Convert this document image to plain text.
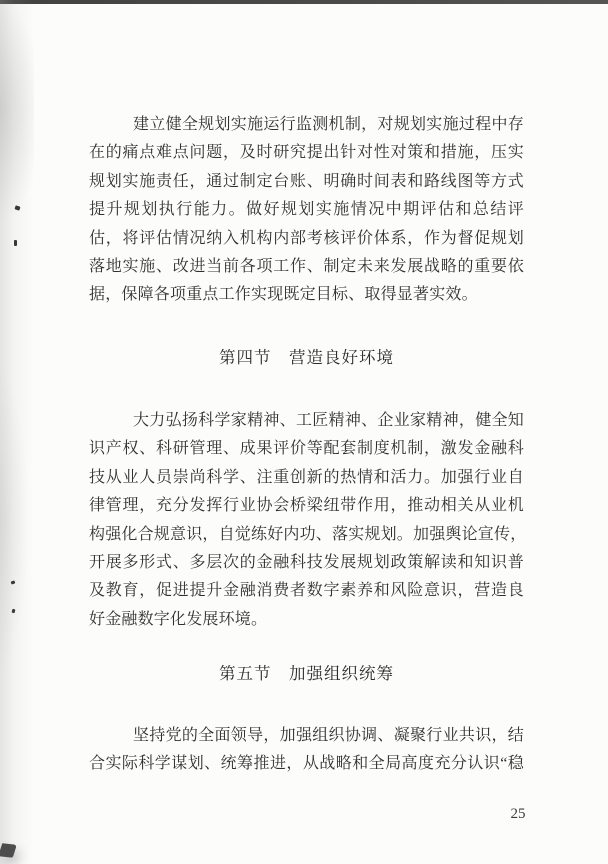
建立健全规划实施运行监测机制，对规划实施过程中存
在的痛点难点问题，及时研究提出针对性对策和措施，压实
规划实施责任，通过制定台账、明确时间表和路线图等方式
提升规划执行能力。做好规划实施情况中期评估和总结评
估，将评估情况纳入机构内部考核评价体系，作为督促规划
落地实施、改进当前各项工作、制定未来发展战略的重要依
据，保障各项重点工作实现既定目标、取得显著实效。
第四节　营造良好环境
大力弘扬科学家精神、工匠精神、企业家精神，健全知
识产权、科研管理、成果评价等配套制度机制，激发金融科
技从业人员崇尚科学、注重创新的热情和活力。加强行业自
律管理，充分发挥行业协会桥梁纽带作用，推动相关从业机
构强化合规意识，自觉练好内功、落实规划。加强舆论宣传，
开展多形式、多层次的金融科技发展规划政策解读和知识普
及教育，促进提升金融消费者数字素养和风险意识，营造良
好金融数字化发展环境。
第五节　加强组织统筹
坚持党的全面领导，加强组织协调、凝聚行业共识，结
合实际科学谋划、统筹推进，从战略和全局高度充分认识“稳
25
